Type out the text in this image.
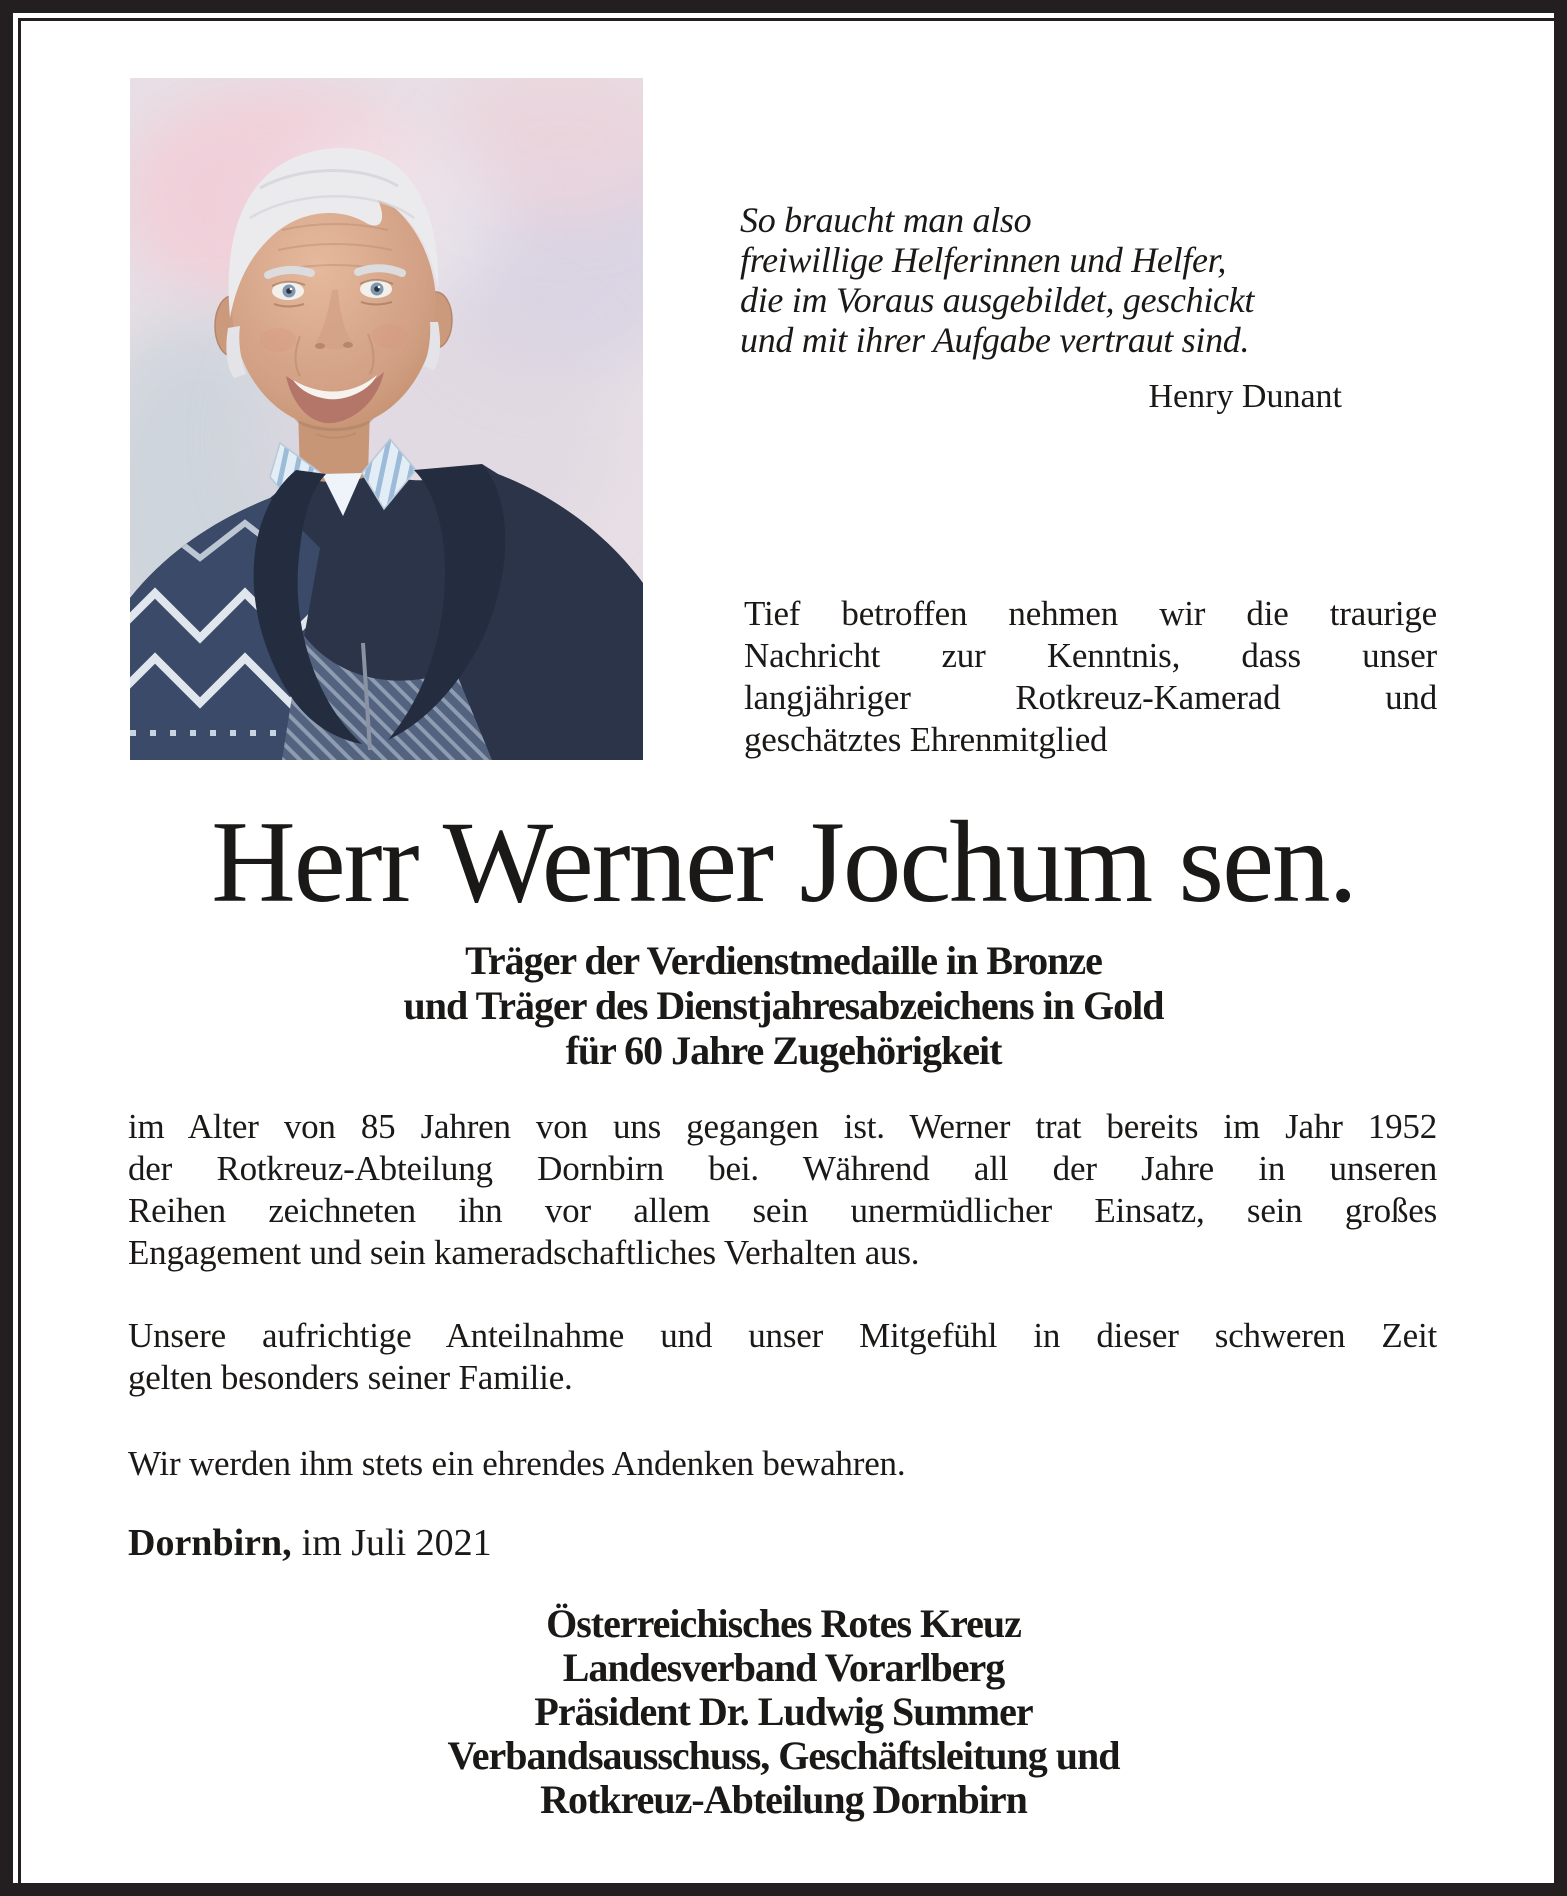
So braucht man also
freiwillige Helferinnen und Helfer,
die im Voraus ausgebildet, geschickt
und mit ihrer Aufgabe vertraut sind.
Henry Dunant
Tief betroffen nehmen wir die traurige
Nachricht zur Kenntnis, dass unser
langjähriger Rotkreuz-Kamerad und
geschätztes Ehrenmitglied
Herr Werner Jochum sen.
Träger der Verdienstmedaille in Bronze
und Träger des Dienstjahresabzeichens in Gold
für 60 Jahre Zugehörigkeit
im Alter von 85 Jahren von uns gegangen ist. Werner trat bereits im Jahr 1952
der Rotkreuz-Abteilung Dornbirn bei. Während all der Jahre in unseren
Reihen zeichneten ihn vor allem sein unermüdlicher Einsatz, sein großes
Engagement und sein kameradschaftliches Verhalten aus.
Unsere aufrichtige Anteilnahme und unser Mitgefühl in dieser schweren Zeit
gelten besonders seiner Familie.
Wir werden ihm stets ein ehrendes Andenken bewahren.
Dornbirn, im Juli 2021
Österreichisches Rotes Kreuz
Landesverband Vorarlberg
Präsident Dr. Ludwig Summer
Verbandsausschuss, Geschäftsleitung und
Rotkreuz-Abteilung Dornbirn
